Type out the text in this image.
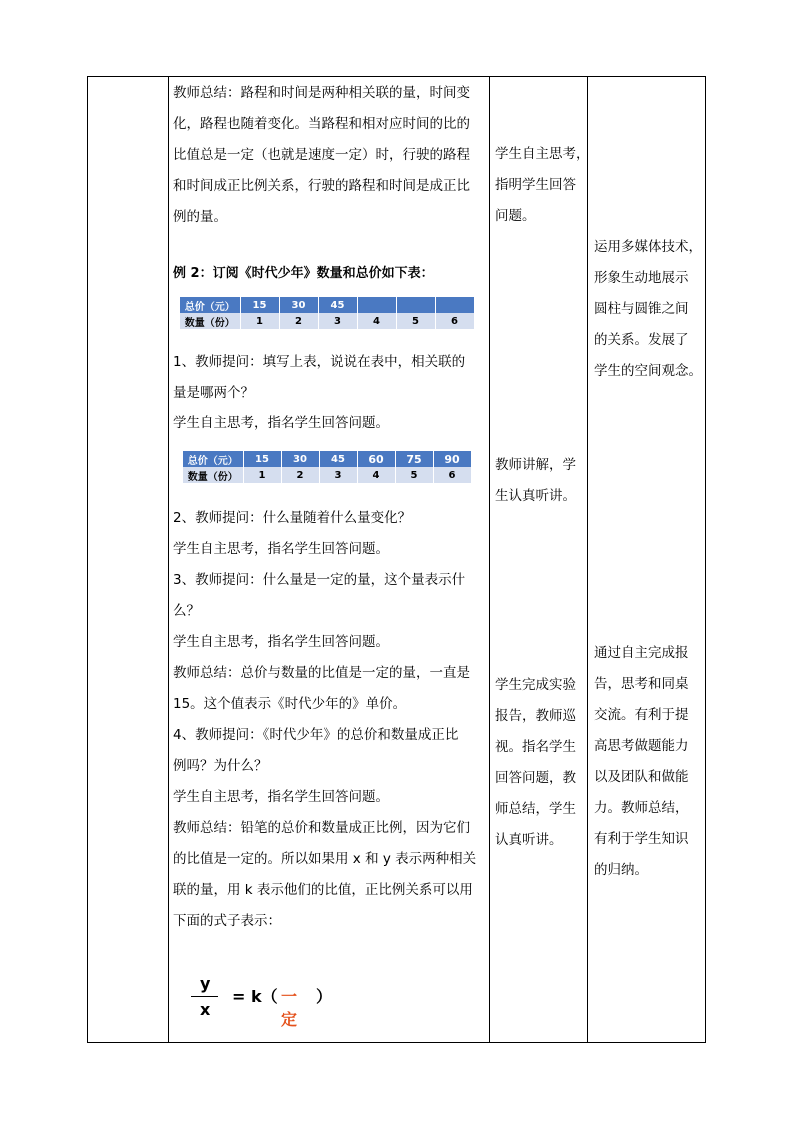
教师总结：路程和时间是两种相关联的量，时间变
化，路程也随着变化。当路程和相对应时间的比的
比值总是一定（也就是速度一定）时，行驶的路程
和时间成正比例关系，行驶的路程和时间是成正比
例的量。
例 2：订阅《时代少年》数量和总价如下表：
总价（元）	15	30	45			
数量（份）	1	2	3	4	5	6
1、教师提问：填写上表，说说在表中，相关联的
量是哪两个？
学生自主思考，指名学生回答问题。
总价（元）	15	30	45	60	75	90
数量（份）	1	2	3	4	5	6
2、教师提问：什么量随着什么量变化？
学生自主思考，指名学生回答问题。
3、教师提问：什么量是一定的量，这个量表示什
么？
学生自主思考，指名学生回答问题。
教师总结：总价与数量的比值是一定的量，一直是
15。这个值表示《时代少年的》单价。
4、教师提问：《时代少年》的总价和数量成正比
例吗？为什么？
学生自主思考，指名学生回答问题。
教师总结：铅笔的总价和数量成正比例，因为它们
的比值是一定的。所以如果用 x 和 y 表示两种相关
联的量，用 k 表示他们的比值，正比例关系可以用
下面的式子表示：
y
x
= k（ 一定
）
学生自主思考，
指明学生回答
问题。
教师讲解，学
生认真听讲。
学生完成实验
报告，教师巡
视。指名学生
回答问题，教
师总结，学生
认真听讲。
运用多媒体技术，
形象生动地展示
圆柱与圆锥之间
的关系。发展了
学生的空间观念。
通过自主完成报
告，思考和同桌
交流。有利于提
高思考做题能力
以及团队和做能
力。教师总结，
有利于学生知识
的归纳。
